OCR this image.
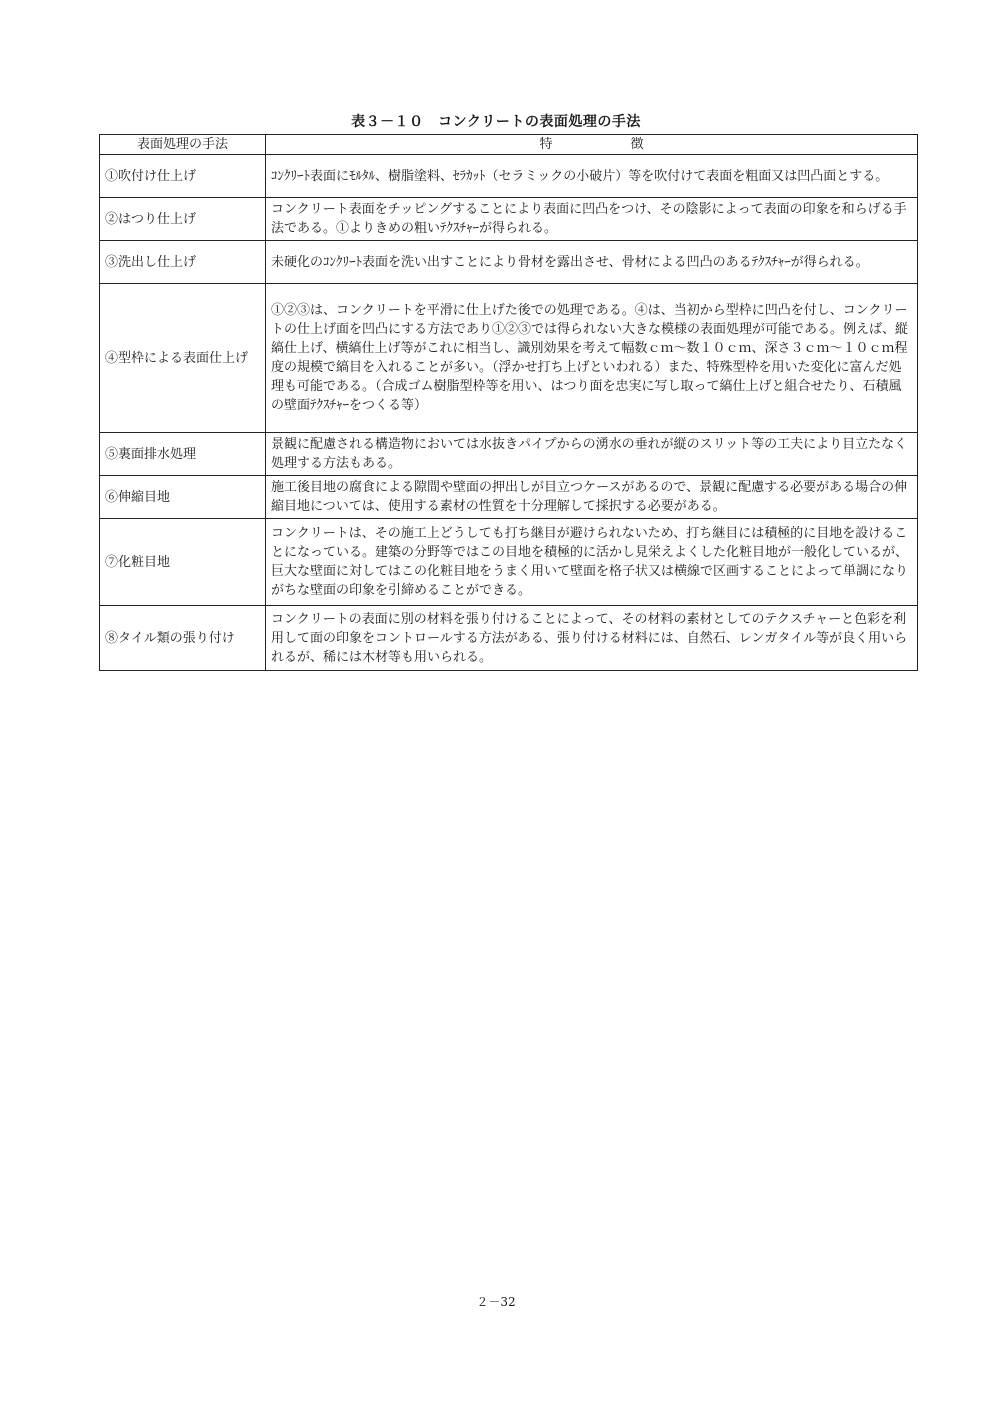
表３－１０　コンクリートの表面処理の手法
表面処理の手法	特　　　　　　徴
①吹付け仕上げ	ｺﾝｸﾘｰﾄ表面にﾓﾙﾀﾙ、樹脂塗料、ｾﾗｶｯﾄ（セラミックの小破片）等を吹付けて表面を粗面又は凹凸面とする。
②はつり仕上げ	コンクリート表面をチッピングすることにより表面に凹凸をつけ、その陰影によって表面の印象を和らげる手法である。①よりきめの粗いﾃｸｽﾁｬｰが得られる。
③洗出し仕上げ	未硬化のｺﾝｸﾘｰﾄ表面を洗い出すことにより骨材を露出させ、骨材による凹凸のあるﾃｸｽﾁｬｰが得られる。
④型枠による表面仕上げ	①②③は、コンクリートを平滑に仕上げた後での処理である。④は、当初から型枠に凹凸を付し、コンクリートの仕上げ面を凹凸にする方法であり①②③では得られない大きな模様の表面処理が可能である。例えば、縦縞仕上げ、横縞仕上げ等がこれに相当し、識別効果を考えて幅数ｃｍ～数１０ｃｍ、深さ３ｃｍ～１０ｃｍ程度の規模で縞目を入れることが多い。（浮かせ打ち上げといわれる）また、特殊型枠を用いた変化に富んだ処理も可能である。（合成ゴム樹脂型枠等を用い、はつり面を忠実に写し取って縞仕上げと組合せたり、石積風の壁面ﾃｸｽﾁｬｰをつくる等）
⑤裏面排水処理	景観に配慮される構造物においては水抜きパイプからの湧水の垂れが縦のスリット等の工夫により目立たなく処理する方法もある。
⑥伸縮目地	施工後目地の腐食による隙間や壁面の押出しが目立つケースがあるので、景観に配慮する必要がある場合の伸縮目地については、使用する素材の性質を十分理解して採択する必要がある。
⑦化粧目地	コンクリートは、その施工上どうしても打ち継目が避けられないため、打ち継目には積極的に目地を設けることになっている。建築の分野等ではこの目地を積極的に活かし見栄えよくした化粧目地が一般化しているが、巨大な壁面に対してはこの化粧目地をうまく用いて壁面を格子状又は横線で区画することによって単調になりがちな壁面の印象を引締めることができる。
⑧タイル類の張り付け	コンクリートの表面に別の材料を張り付けることによって、その材料の素材としてのテクスチャーと色彩を利用して面の印象をコントロールする方法がある、張り付ける材料には、自然石、レンガタイル等が良く用いられるが、稀には木材等も用いられる。
２－32
